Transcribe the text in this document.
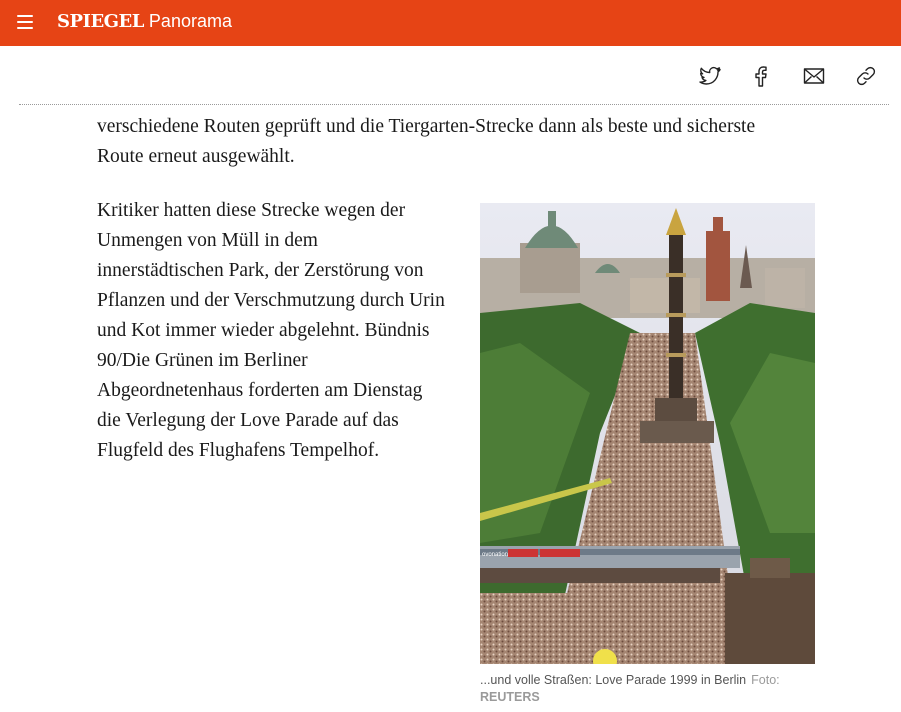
SPIEGEL Panorama

verschiedene Routen geprüft und die Tiergarten-Strecke dann als beste und sicherste Route erneut ausgewählt.

Kritiker hatten diese Strecke wegen der Unmengen von Müll in dem innerstädtischen Park, der Zerstörung von Pflanzen und der Verschmutzung durch Urin und Kot immer wieder abgelehnt. Bündnis 90/Die Grünen im Berliner Abgeordnetenhaus forderten am Dienstag die Verlegung der Love Parade auf das Flugfeld des Flughafens Tempelhof.

ovonation
...und volle Straßen: Love Parade 1999 in Berlin Foto: REUTERS
